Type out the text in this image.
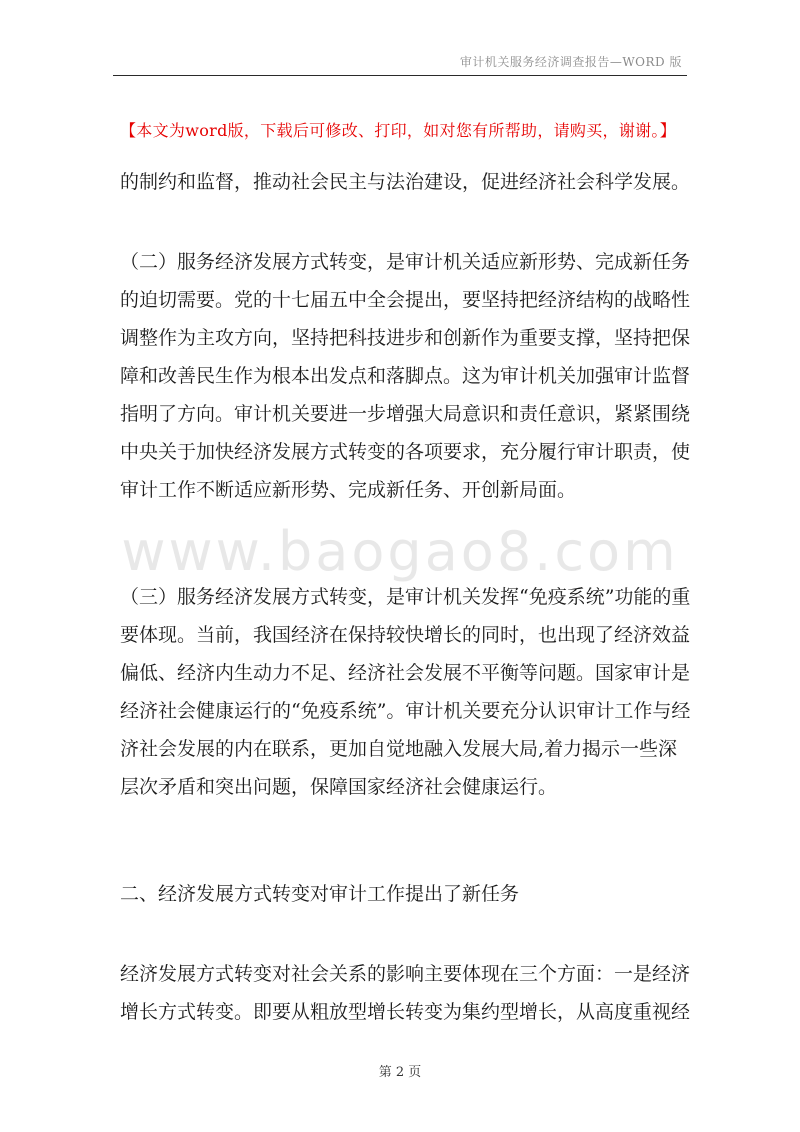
审计机关服务经济调查报告—WORD 版
【本文为word版，下载后可修改、打印，如对您有所帮助，请购买，谢谢。】
www.baogao8.com
的制约和监督，推动社会民主与法治建设，促进经济社会科学发展。
（二）服务经济发展方式转变，是审计机关适应新形势、完成新任务
的迫切需要。党的十七届五中全会提出，要坚持把经济结构的战略性
调整作为主攻方向，坚持把科技进步和创新作为重要支撑，坚持把保
障和改善民生作为根本出发点和落脚点。这为审计机关加强审计监督
指明了方向。审计机关要进一步增强大局意识和责任意识，紧紧围绕
中央关于加快经济发展方式转变的各项要求，充分履行审计职责，使
审计工作不断适应新形势、完成新任务、开创新局面。
（三）服务经济发展方式转变，是审计机关发挥“免疫系统”功能的重
要体现。当前，我国经济在保持较快增长的同时，也出现了经济效益
偏低、经济内生动力不足、经济社会发展不平衡等问题。国家审计是
经济社会健康运行的“免疫系统”。审计机关要充分认识审计工作与经
济社会发展的内在联系，更加自觉地融入发展大局,着力揭示一些深
层次矛盾和突出问题，保障国家经济社会健康运行。
二、经济发展方式转变对审计工作提出了新任务
经济发展方式转变对社会关系的影响主要体现在三个方面：一是经济
增长方式转变。即要从粗放型增长转变为集约型增长，从高度重视经
第 2 页
